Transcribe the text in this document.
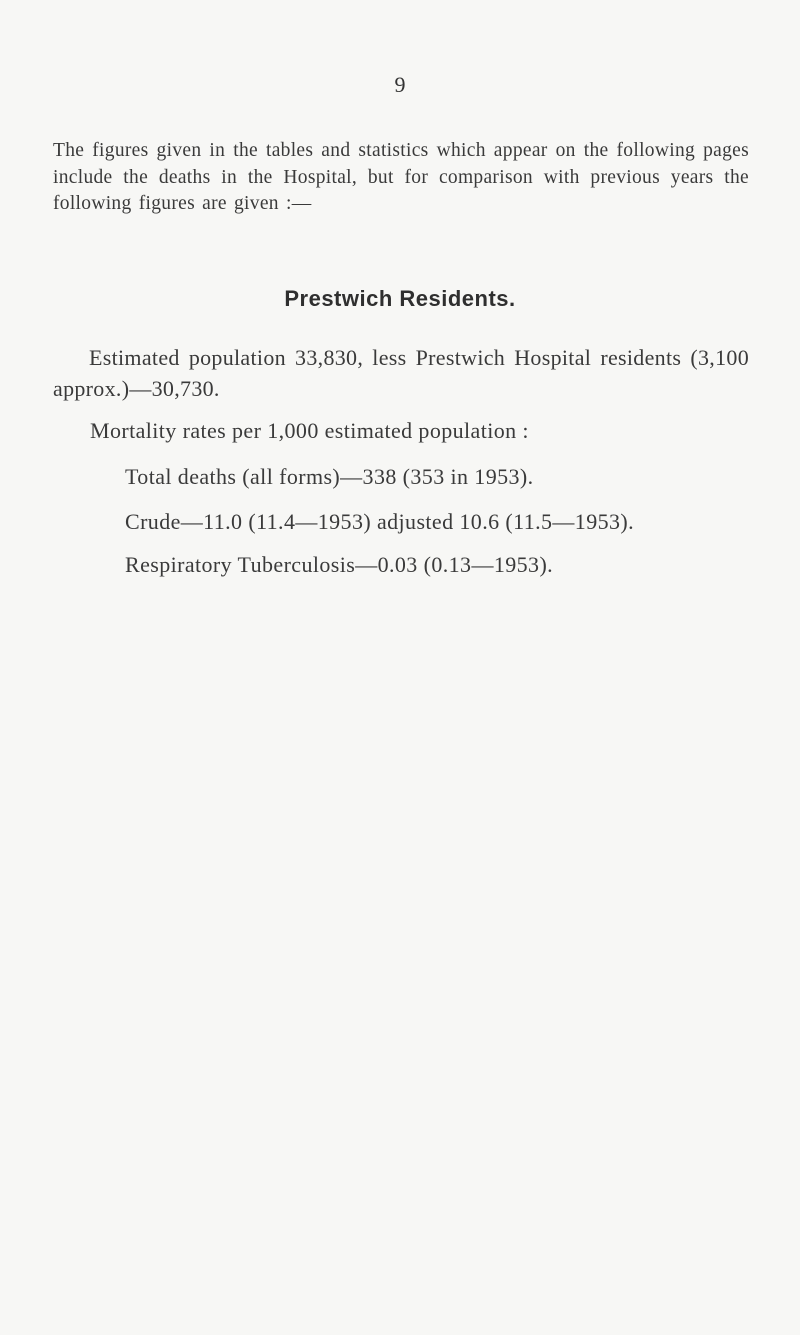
9

The figures given in the tables and statistics which appear on the following pages include the deaths in the Hospital, but for comparison with previous years the following figures are given :—

Prestwich Residents.

Estimated population 33,830, less Prestwich Hospital residents (3,100 approx.)—30,730.

Mortality rates per 1,000 estimated population :
Total deaths (all forms)—338 (353 in 1953).
Crude—11.0 (11.4—1953) adjusted 10.6 (11.5—1953).
Respiratory Tuberculosis—0.03 (0.13—1953).
